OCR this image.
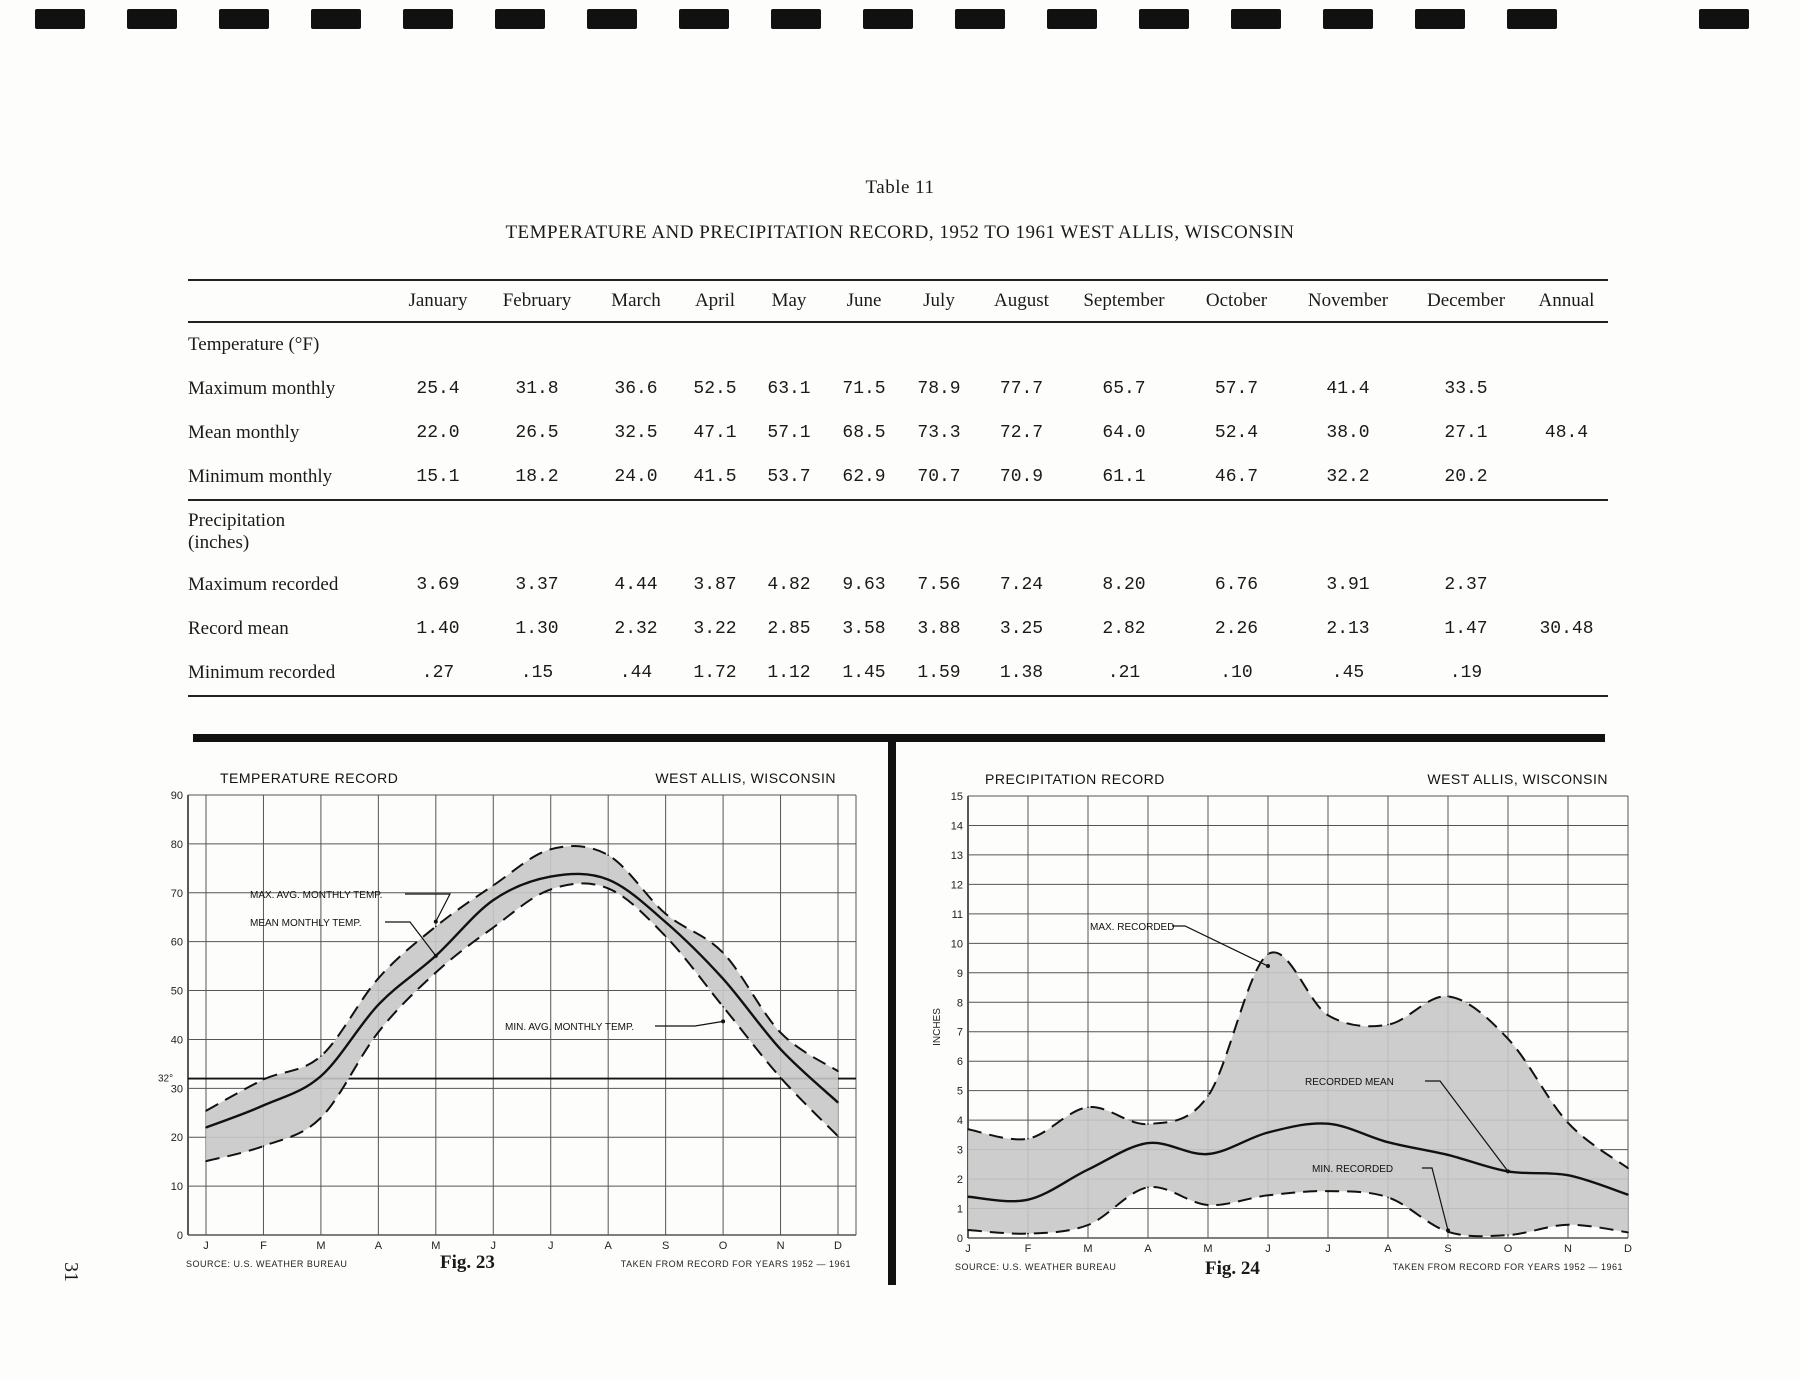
Table 11
TEMPERATURE AND PRECIPITATION RECORD, 1952 TO 1961 WEST ALLIS, WISCONSIN
	January	February	March	April	May	June	July	August	September	October	November	December	Annual
Temperature (°F)													
Maximum monthly	25.4	31.8	36.6	52.5	63.1	71.5	78.9	77.7	65.7	57.7	41.4	33.5	
Mean monthly	22.0	26.5	32.5	47.1	57.1	68.5	73.3	72.7	64.0	52.4	38.0	27.1	48.4
Minimum monthly	15.1	18.2	24.0	41.5	53.7	62.9	70.7	70.9	61.1	46.7	32.2	20.2	

Precipitation
(inches)													

Maximum recorded	3.69	3.37	4.44	3.87	4.82	9.63	7.56	7.24	8.20	6.76	3.91	2.37	
Record mean	1.40	1.30	2.32	3.22	2.85	3.58	3.88	3.25	2.82	2.26	2.13	1.47	30.48
Minimum recorded	.27	.15	.44	1.72	1.12	1.45	1.59	1.38	.21	.10	.45	.19	
0
10
20
30
40
50
60
70
80
90
32°
J	F	M	A	M	J	J	A	S	O	N	D
TEMPERATURE RECORD	WEST ALLIS, WISCONSIN
SOURCE: U.S. WEATHER BUREAU	TAKEN FROM RECORD FOR YEARS 1952 — 1961
MAX. AVG. MONTHLY TEMP.
MEAN MONTHLY TEMP.
MIN. AVG. MONTHLY TEMP.
0
1
2
3
4
5
6
7
8
9
10
11
12
13
14
15
J	F	M	A	M	J	J	A	S	O	N	D
PRECIPITATION RECORD	WEST ALLIS, WISCONSIN
SOURCE: U.S. WEATHER BUREAU	TAKEN FROM RECORD FOR YEARS 1952 — 1961
INCHES
MAX. RECORDED
RECORDED MEAN
MIN. RECORDED
Fig. 23	Fig. 24
31
